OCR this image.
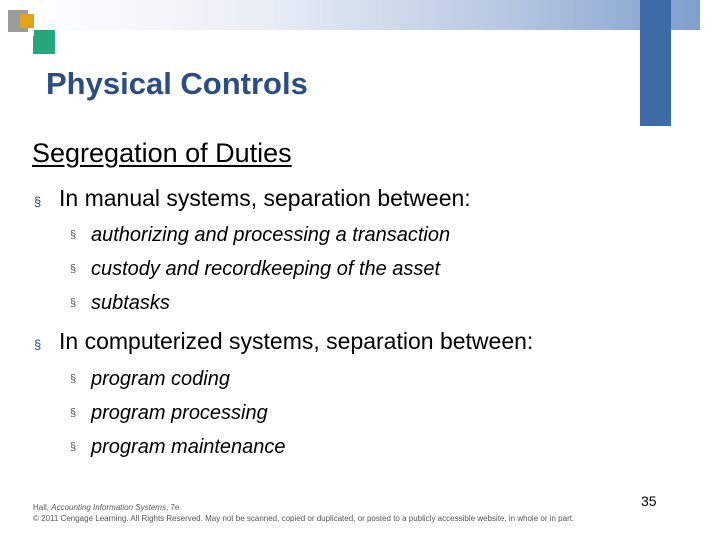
Physical Controls
Segregation of Duties
§ In manual systems, separation between:
§ authorizing and processing a transaction
§ custody and recordkeeping of the asset
§ subtasks
§ In computerized systems, separation between:
§ program coding
§ program processing
§ program maintenance
Hall, Accounting Information Systems, 7e
© 2011 Cengage Learning. All Rights Reserved. May not be scanned, copied or duplicated, or posted to a publicly accessible website, in whole or in part.
35
